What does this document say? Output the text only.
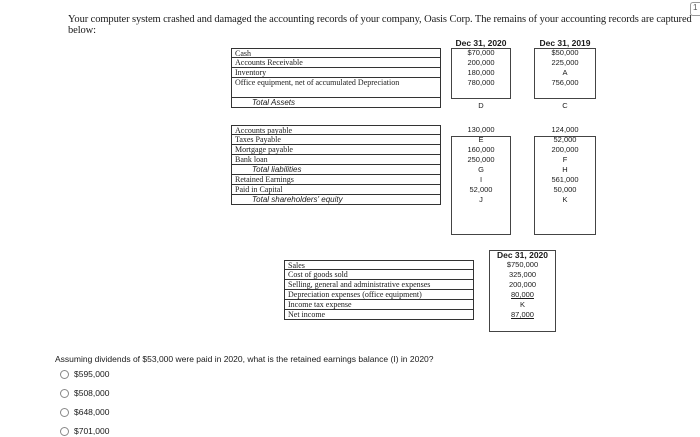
Your computer system crashed and damaged the accounting records of your company, Oasis Corp. The remains of your accounting records are captured below:
1
Dec 31, 2020	Dec 31, 2019
Cash	$70,000	$50,000
Accounts Receivable	200,000	225,000
Inventory	180,000	A
Office equipment, net of accumulated Depreciation	780,000	756,000
Total Assets	D	C
Accounts payable	130,000	124,000
Taxes Payable	E	52,000
Mortgage payable	160,000	200,000
Bank loan	250,000	F
Total liabilities	G	H
Retained Earnings	I	561,000
Paid in Capital	52,000	50,000
Total shareholders' equity	J	K
Dec 31, 2020
Sales	$750,000
Cost of goods sold	325,000
Selling, general and administrative expenses	200,000
Depreciation expenses (office equipment)	80,000
Income tax expense	K
Net income	87,000
Assuming dividends of $53,000 were paid in 2020, what is the retained earnings balance (I) in 2020?
$595,000
$508,000
$648,000
$701,000
